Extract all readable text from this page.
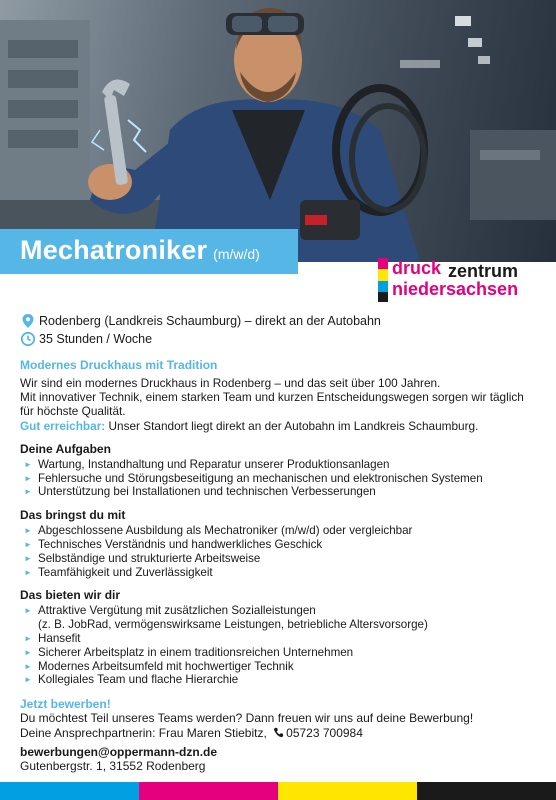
Mechatroniker (m/w/d)
druck zentrum
niedersachsen
Rodenberg (Landkreis Schaumburg) – direkt an der Autobahn
35 Stunden / Woche
Modernes Druckhaus mit Tradition
Wir sind ein modernes Druckhaus in Rodenberg – und das seit über 100 Jahren.
Mit innovativer Technik, einem starken Team und kurzen Entscheidungswegen sorgen wir täglich für höchste Qualität.
Gut erreichbar: Unser Standort liegt direkt an der Autobahn im Landkreis Schaumburg.
Deine Aufgaben
► Wartung, Instandhaltung und Reparatur unserer Produktionsanlagen
► Fehlersuche und Störungsbeseitigung an mechanischen und elektronischen Systemen
► Unterstützung bei Installationen und technischen Verbesserungen
Das bringst du mit
► Abgeschlossene Ausbildung als Mechatroniker (m/w/d) oder vergleichbar
► Technisches Verständnis und handwerkliches Geschick
► Selbständige und strukturierte Arbeitsweise
► Teamfähigkeit und Zuverlässigkeit
Das bieten wir dir
► Attraktive Vergütung mit zusätzlichen Sozialleistungen
(z. B. JobRad, vermögenswirksame Leistungen, betriebliche Altersvorsorge)
► Hansefit
► Sicherer Arbeitsplatz in einem traditionsreichen Unternehmen
► Modernes Arbeitsumfeld mit hochwertiger Technik
► Kollegiales Team und flache Hierarchie
Jetzt bewerben!
Du möchtest Teil unseres Teams werden? Dann freuen wir uns auf deine Bewerbung!
Deine Ansprechpartnerin: Frau Maren Stiebitz, 05723 700984
bewerbungen@oppermann-dzn.de
Gutenbergstr. 1, 31552 Rodenberg
